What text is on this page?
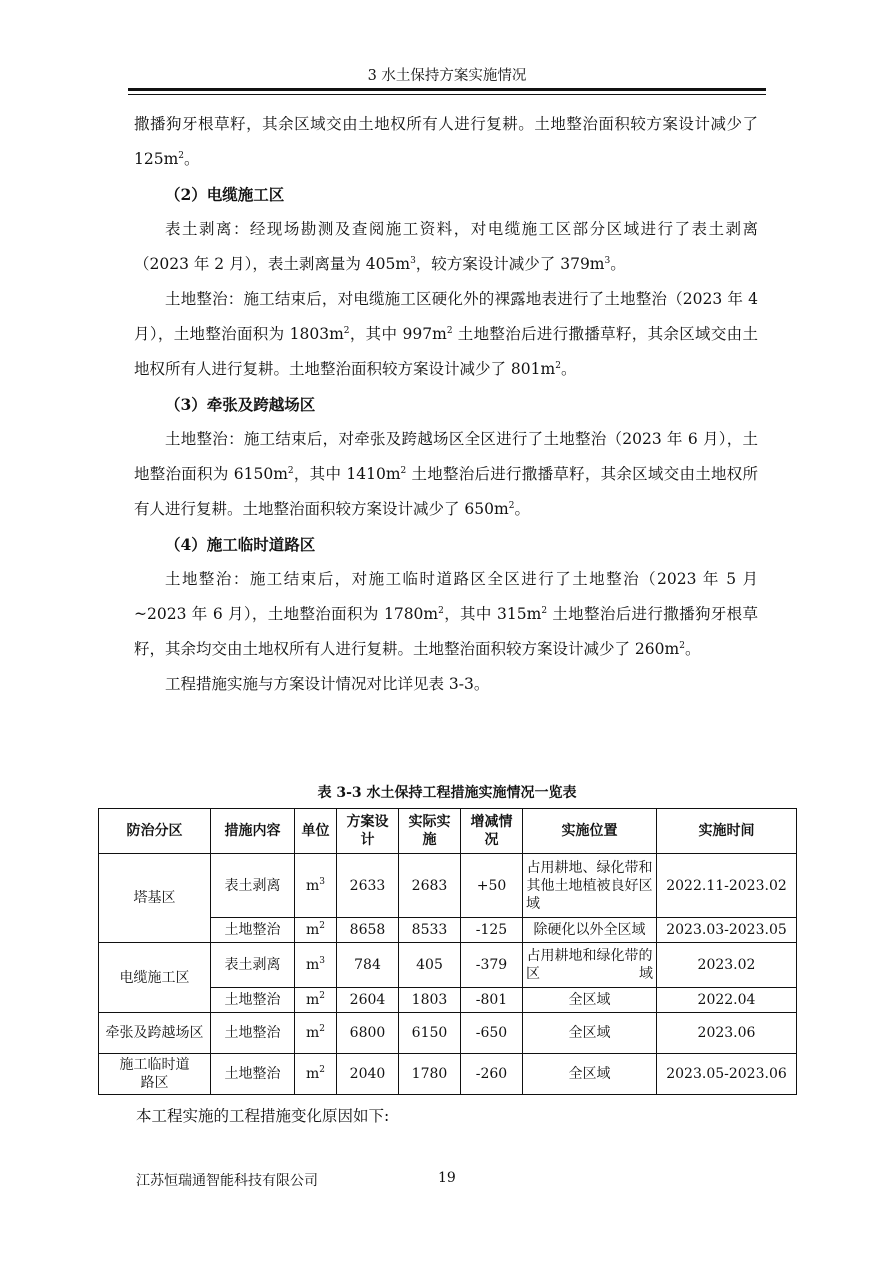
3 水土保持方案实施情况

撒播狗牙根草籽，其余区域交由土地权所有人进行复耕。土地整治面积较方案设计减少了 $125m^2$。

（2）电缆施工区

表土剥离：经现场勘测及查阅施工资料，对电缆施工区部分区域进行了表土剥离（2023 年 2 月），表土剥离量为 $405m^3$，较方案设计减少了 $379m^3$。

土地整治：施工结束后，对电缆施工区硬化外的裸露地表进行了土地整治（2023 年 4 月），土地整治面积为 $1803m^2$，其中 $997m^2$ 土地整治后进行撒播草籽，其余区域交由土地权所有人进行复耕。土地整治面积较方案设计减少了 $801m^2$。

（3）牵张及跨越场区

土地整治：施工结束后，对牵张及跨越场区全区进行了土地整治（2023 年 6 月），土地整治面积为 $6150m^2$，其中 $1410m^2$ 土地整治后进行撒播草籽，其余区域交由土地权所有人进行复耕。土地整治面积较方案设计减少了 $650m^2$。

（4）施工临时道路区

土地整治：施工结束后，对施工临时道路区全区进行了土地整治（2023 年 5 月~2023 年 6 月），土地整治面积为 $1780m^2$，其中 $315m^2$ 土地整治后进行撒播狗牙根草籽，其余均交由土地权所有人进行复耕。土地整治面积较方案设计减少了 $260m^2$。

工程措施实施与方案设计情况对比详见表 3-3。

表 3-3 水土保持工程措施实施情况一览表
防治分区	措施内容	单位	方案设计	实际实施	增减情况	实施位置	实施时间
塔基区	表土剥离	$m^3$	2633	2683	+50	占用耕地、绿化带和其他土地植被良好区域	2022.11-2023.02
	土地整治	$m^2$	8658	8533	-125	除硬化以外全区域	2023.03-2023.05
电缆施工区	表土剥离	$m^3$	784	405	-379	占用耕地和绿化带的区域	2023.02
	土地整治	$m^2$	2604	1803	-801	全区域	2022.04
牵张及跨越场区	土地整治	$m^2$	6800	6150	-650	全区域	2023.06
施工临时道路区	土地整治	$m^2$	2040	1780	-260	全区域	2023.05-2023.06
本工程实施的工程措施变化原因如下:
江苏恒瑞通智能科技有限公司	19
